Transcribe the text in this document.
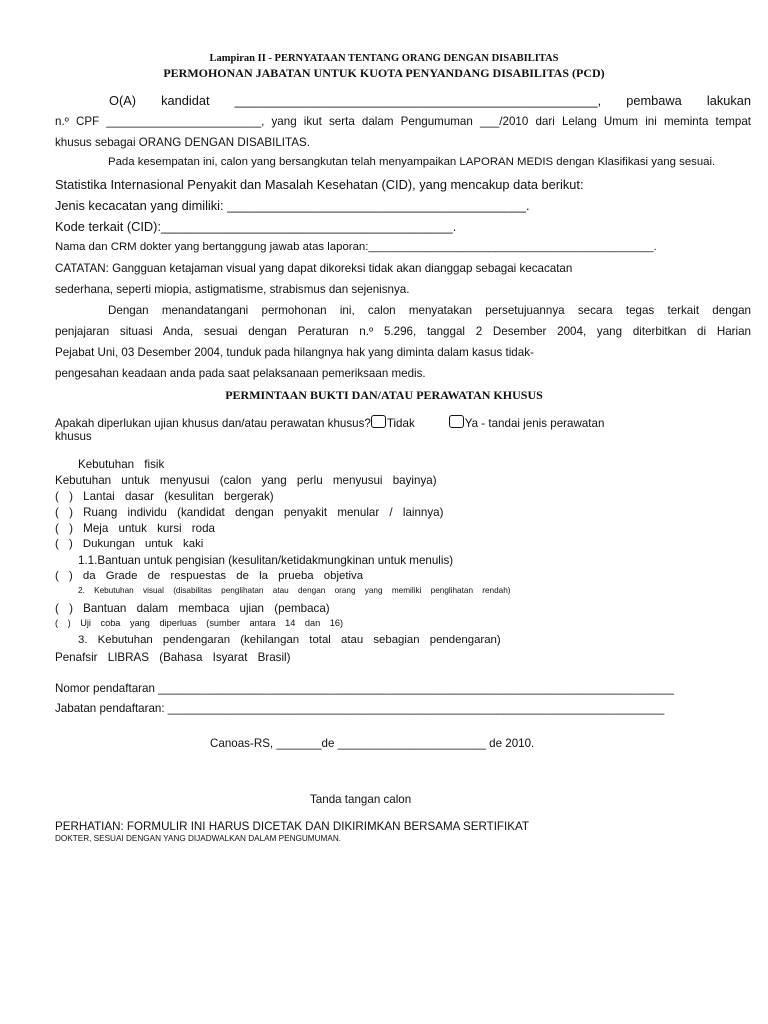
Lampiran II - PERNYATAAN TENTANG ORANG DENGAN DISABILITAS
PERMOHONAN JABATAN UNTUK KUOTA PENYANDANG DISABILITAS (PCD)
O(A) kandidat ___________________________________________________, pembawa lakukan
n.º CPF ________________________, yang ikut serta dalam Pengumuman ___/2010 dari Lelang Umum ini meminta tempat
khusus sebagai ORANG DENGAN DISABILITAS.
Pada kesempatan ini, calon yang bersangkutan telah menyampaikan LAPORAN MEDIS dengan Klasifikasi yang sesuai.
Statistika Internasional Penyakit dan Masalah Kesehatan (CID), yang mencakup data berikut:
Jenis kecacatan yang dimiliki: __________________________________________.
Kode terkait (CID):_________________________________________.
Nama dan CRM dokter yang bertanggung jawab atas laporan:_____________________________________________.
CATATAN: Gangguan ketajaman visual yang dapat dikoreksi tidak akan dianggap sebagai kecacatan
sederhana, seperti miopia, astigmatisme, strabismus dan sejenisnya.
Dengan menandatangani permohonan ini, calon menyatakan persetujuannya secara tegas terkait dengan
penjajaran situasi Anda, sesuai dengan Peraturan n.º 5.296, tanggal 2 Desember 2004, yang diterbitkan di Harian
Pejabat Uni, 03 Desember 2004, tunduk pada hilangnya hak yang diminta dalam kasus tidak-
pengesahan keadaan anda pada saat pelaksanaan pemeriksaan medis.
PERMINTAAN BUKTI DAN/ATAU PERAWATAN KHUSUS
Apakah diperlukan ujian khusus dan/atau perawatan khusus? Tidak	Ya - tandai jenis perawatan
khusus
Kebutuhan fisik
Kebutuhan untuk menyusui (calon yang perlu menyusui bayinya)
( ) Lantai dasar (kesulitan bergerak)
( ) Ruang individu (kandidat dengan penyakit menular / lainnya)
( ) Meja untuk kursi roda
( ) Dukungan untuk kaki
1.1.Bantuan untuk pengisian (kesulitan/ketidakmungkinan untuk menulis)
( ) da Grade de respuestas de la prueba objetiva
2. Kebutuhan visual (disabilitas penglihatan atau dengan orang yang memiliki penglihatan rendah)
( ) Bantuan dalam membaca ujian (pembaca)
( ) Uji coba yang diperluas (sumber antara 14 dan 16)
3. Kebutuhan pendengaran (kehilangan total atau sebagian pendengaran)
Penafsir LIBRAS (Bahasa Isyarat Brasil)
Nomor pendaftaran ________________________________________________________________________________
Jabatan pendaftaran: _____________________________________________________________________________
Canoas-RS, _______de _______________________ de 2010.
Tanda tangan calon
PERHATIAN: FORMULIR INI HARUS DICETAK DAN DIKIRIMKAN BERSAMA SERTIFIKAT
DOKTER, SESUAI DENGAN YANG DIJADWALKAN DALAM PENGUMUMAN.
